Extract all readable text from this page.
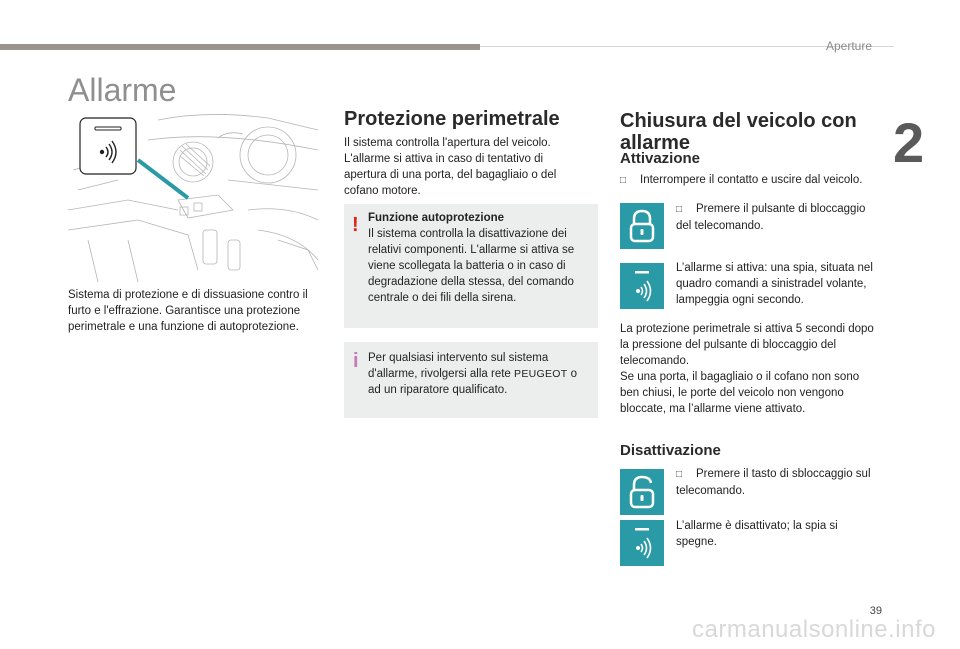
Aperture
2
Allarme
Sistema di protezione e di dissuasione contro il furto e l'effrazione. Garantisce una protezione perimetrale e una funzione di autoprotezione.
Protezione perimetrale
Il sistema controlla l'apertura del veicolo. L'allarme si attiva in caso di tentativo di apertura di una porta, del bagagliaio o del cofano motore.
! Funzione autoprotezione
Il sistema controlla la disattivazione dei relativi componenti. L'allarme si attiva se viene scollegata la batteria o in caso di degradazione della stessa, del comando centrale o dei fili della sirena.
i Per qualsiasi intervento sul sistema d'allarme, rivolgersi alla rete PEUGEOT o ad un riparatore qualificato.
Chiusura del veicolo con allarme
Attivazione
□ Interrompere il contatto e uscire dal veicolo.
□ Premere il pulsante di bloccaggio del telecomando.
L’allarme si attiva: una spia, situata nel quadro comandi a sinistradel volante, lampeggia ogni secondo.
La protezione perimetrale si attiva 5 secondi dopo la pressione del pulsante di bloccaggio del telecomando.
Se una porta, il bagagliaio o il cofano non sono ben chiusi, le porte del veicolo non vengono bloccate, ma l’allarme viene attivato.
Disattivazione
□ Premere il tasto di sbloccaggio sul telecomando.
L’allarme è disattivato; la spia si spegne.
39
carmanualsonline.info
